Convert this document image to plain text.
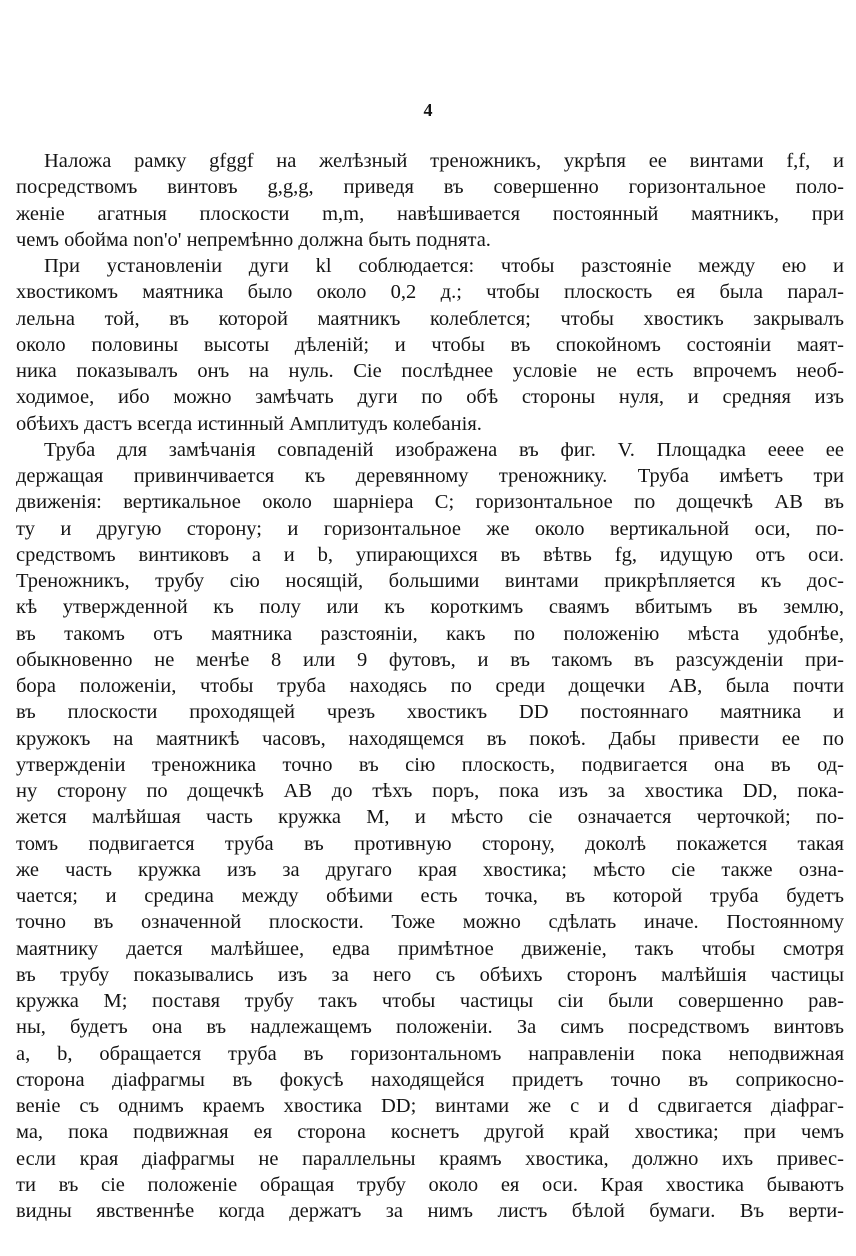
4
Наложа рамку gfggf на желѣзный треножникъ, укрѣпя ее винтами f,f, и
посредствомъ винтовъ g,g,g, приведя въ совершенно горизонтальное поло-
женіе агатныя плоскости m,m, навѣшивается постоянный маятникъ, при
чемъ обойма non'o' непремѣнно должна быть поднята.
При установленіи дуги kl соблюдается: чтобы разстояніе между ею и
хвостикомъ маятника было около 0,2 д.; чтобы плоскость ея была парал-
лельна той, въ которой маятникъ колеблется; чтобы хвостикъ закрывалъ
около половины высоты дѣленій; и чтобы въ спокойномъ состояніи маят-
ника показывалъ онъ на нуль. Сіе послѣднее условіе не есть впрочемъ необ-
ходимое, ибо можно замѣчать дуги по обѣ стороны нуля, и средняя изъ
обѣихъ дастъ всегда истинный Амплитудъ колебанія.
Труба для замѣчанія совпаденій изображена въ фиг. V. Площадка eeee ее
держащая привинчивается къ деревянному треножнику. Труба имѣетъ три
движенія: вертикальное около шарніера C; горизонтальное по дощечкѣ AB въ
ту и другую сторону; и горизонтальное же около вертикальной оси, по-
средствомъ винтиковъ a и b, упирающихся въ вѣтвь fg, идущую отъ оси.
Треножникъ, трубу сію носящій, большими винтами прикрѣпляется къ дос-
кѣ утвержденной къ полу или къ короткимъ сваямъ вбитымъ въ землю,
въ такомъ отъ маятника разстояніи, какъ по положенію мѣста удобнѣе,
обыкновенно не менѣе 8 или 9 футовъ, и въ такомъ въ разсужденіи при-
бора положеніи, чтобы труба находясь по среди дощечки AB, была почти
въ плоскости проходящей чрезъ хвостикъ DD постояннаго маятника и
кружокъ на маятникѣ часовъ, находящемся въ покоѣ. Дабы привести ее по
утвержденіи треножника точно въ сію плоскость, подвигается она въ од-
ну сторону по дощечкѣ AB до тѣхъ поръ, пока изъ за хвостика DD, пока-
жется малѣйшая часть кружка M, и мѣсто сіе означается черточкой; по-
томъ подвигается труба въ противную сторону, доколѣ покажется такая
же часть кружка изъ за другаго края хвостика; мѣсто сіе также озна-
чается; и средина между обѣими есть точка, въ которой труба будетъ
точно въ означенной плоскости. Тоже можно сдѣлать иначе. Постоянному
маятнику дается малѣйшее, едва примѣтное движеніе, такъ чтобы смотря
въ трубу показывались изъ за него съ обѣихъ сторонъ малѣйшія частицы
кружка M; поставя трубу такъ чтобы частицы сіи были совершенно рав-
ны, будетъ она въ надлежащемъ положеніи. За симъ посредствомъ винтовъ
a, b, обращается труба въ горизонтальномъ направленіи пока неподвижная
сторона діафрагмы въ фокусѣ находящейся придетъ точно въ соприкосно-
веніе съ однимъ краемъ хвостика DD; винтами же c и d сдвигается діафраг-
ма, пока подвижная ея сторона коснетъ другой край хвостика; при чемъ
если края діафрагмы не параллельны краямъ хвостика, должно ихъ привес-
ти въ сіе положеніе обращая трубу около ея оси. Края хвостика бываютъ
видны явственнѣе когда держатъ за нимъ листъ бѣлой бумаги. Въ верти-
